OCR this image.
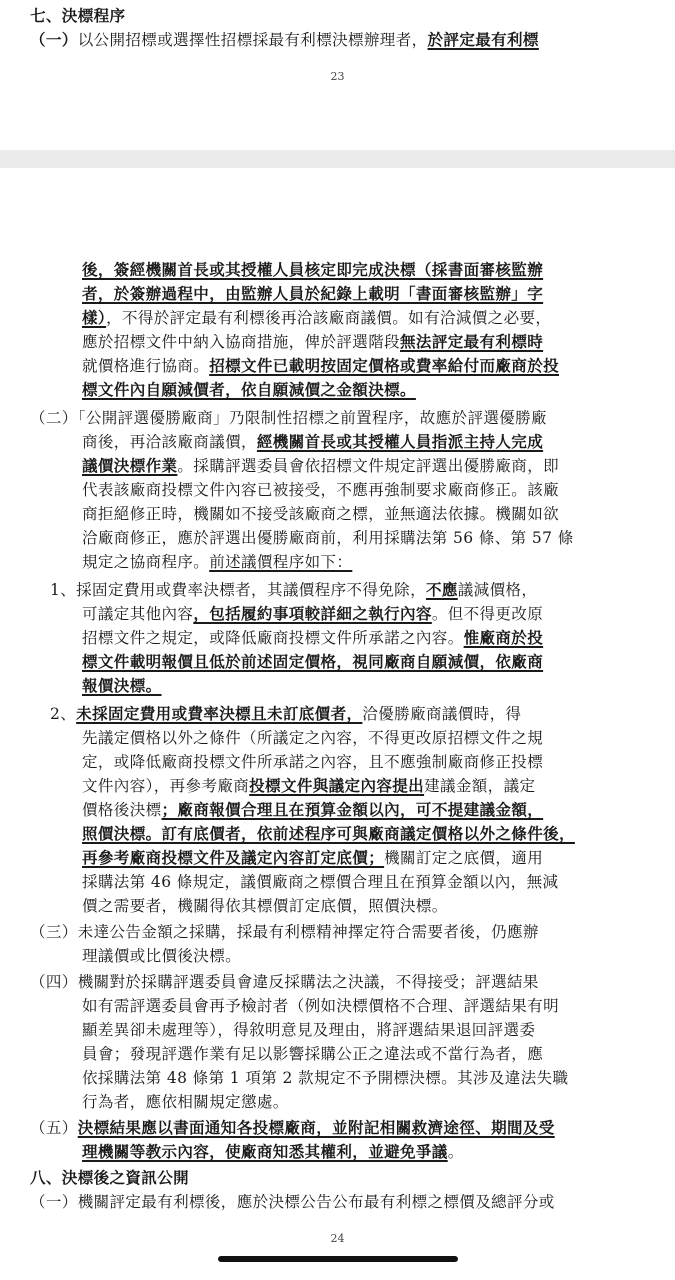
七、決標程序
（一）以公開招標或選擇性招標採最有利標決標辦理者，於評定最有利標
23
後，簽經機關首長或其授權人員核定即完成決標（採書面審核監辦
者，於簽辦過程中，由監辦人員於紀錄上載明「書面審核監辦」字
樣），不得於評定最有利標後再洽該廠商議價。如有洽減價之必要，
應於招標文件中納入協商措施，俾於評選階段無法評定最有利標時
就價格進行協商。招標文件已載明按固定價格或費率給付而廠商於投
標文件內自願減價者，依自願減價之金額決標。
（二）「公開評選優勝廠商」乃限制性招標之前置程序，故應於評選優勝廠
商後，再洽該廠商議價，經機關首長或其授權人員指派主持人完成
議價決標作業。採購評選委員會依招標文件規定評選出優勝廠商，即
代表該廠商投標文件內容已被接受，不應再強制要求廠商修正。該廠
商拒絕修正時，機關如不接受該廠商之標，並無適法依據。機關如欲
洽廠商修正，應於評選出優勝廠商前，利用採購法第 56 條、第 57 條
規定之協商程序。前述議價程序如下：
1、採固定費用或費率決標者，其議價程序不得免除，不應議減價格，
可議定其他內容，包括履約事項較詳細之執行內容。但不得更改原
招標文件之規定，或降低廠商投標文件所承諾之內容。惟廠商於投
標文件載明報價且低於前述固定價格，視同廠商自願減價，依廠商
報價決標。
2、未採固定費用或費率決標且未訂底價者，洽優勝廠商議價時，得
先議定價格以外之條件（所議定之內容，不得更改原招標文件之規
定，或降低廠商投標文件所承諾之內容，且不應強制廠商修正投標
文件內容），再參考廠商投標文件與議定內容提出建議金額，議定
價格後決標；廠商報價合理且在預算金額以內，可不提建議金額，
照價決標。訂有底價者，依前述程序可與廠商議定價格以外之條件後，
再參考廠商投標文件及議定內容訂定底價；機關訂定之底價，適用
採購法第 46 條規定，議價廠商之標價合理且在預算金額以內，無減
價之需要者，機關得依其標價訂定底價，照價決標。
（三）未達公告金額之採購，採最有利標精神擇定符合需要者後，仍應辦
理議價或比價後決標。
（四）機關對於採購評選委員會違反採購法之決議，不得接受；評選結果
如有需評選委員會再予檢討者（例如決標價格不合理、評選結果有明
顯差異卻未處理等），得敘明意見及理由，將評選結果退回評選委
員會；發現評選作業有足以影響採購公正之違法或不當行為者，應
依採購法第 48 條第 1 項第 2 款規定不予開標決標。其涉及違法失職
行為者，應依相關規定懲處。
（五）決標結果應以書面通知各投標廠商，並附記相關救濟途徑、期間及受
理機關等教示內容，使廠商知悉其權利，並避免爭議。
八、決標後之資訊公開
（一）機關評定最有利標後，應於決標公告公布最有利標之標價及總評分或
24
